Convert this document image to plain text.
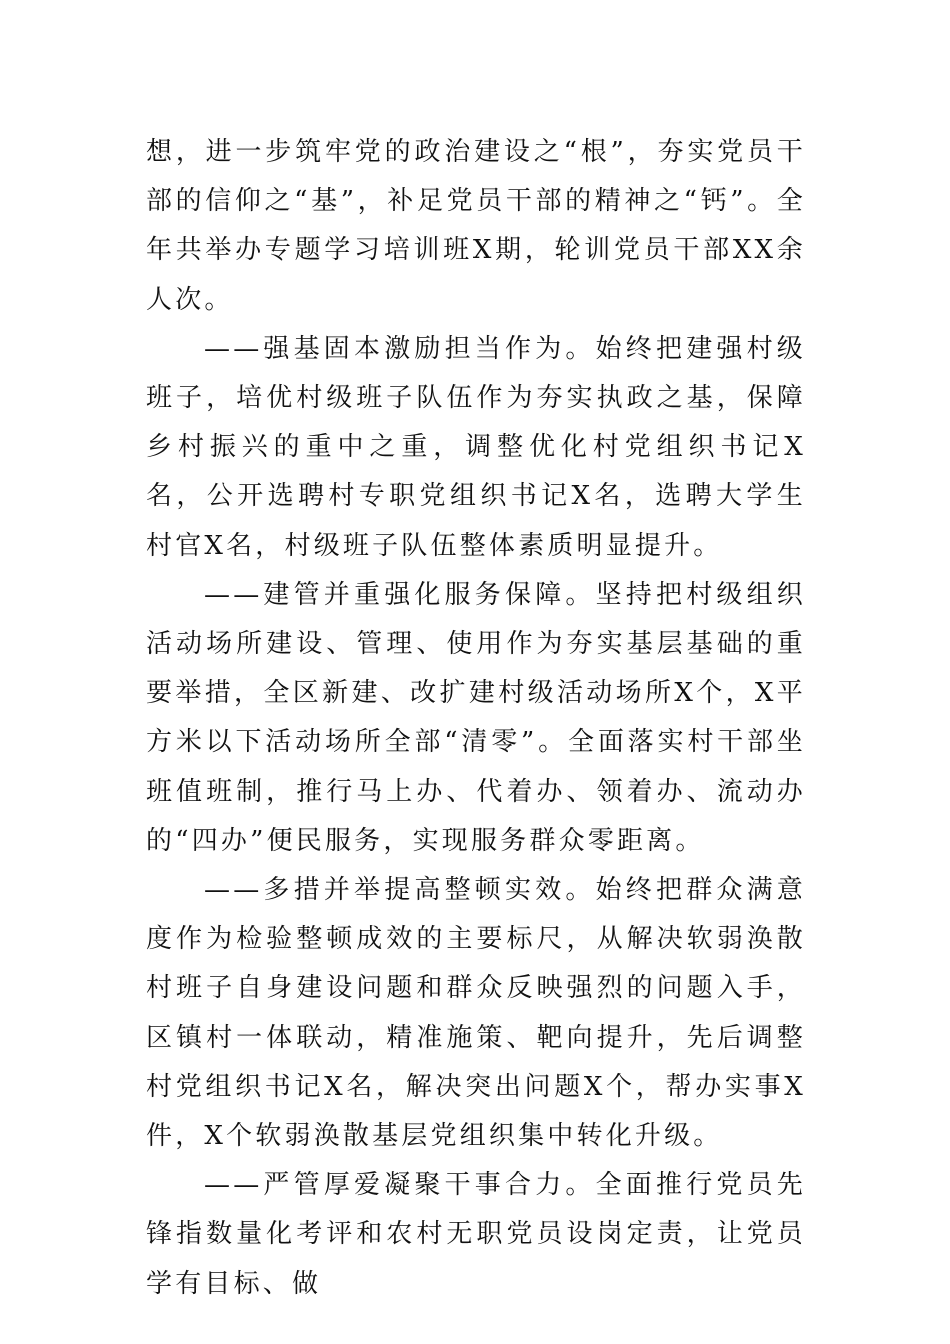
想，进一步筑牢党的政治建设之“根”，夯实党员干部的信仰之“基”，补足党员干部的精神之“钙”。全年共举办专题学习培训班X期，轮训党员干部XX余人次。

——强基固本激励担当作为。始终把建强村级班子，培优村级班子队伍作为夯实执政之基，保障乡村振兴的重中之重，调整优化村党组织书记X名，公开选聘村专职党组织书记X名，选聘大学生村官X名，村级班子队伍整体素质明显提升。

——建管并重强化服务保障。坚持把村级组织活动场所建设、管理、使用作为夯实基层基础的重要举措，全区新建、改扩建村级活动场所X个，X平方米以下活动场所全部“清零”。全面落实村干部坐班值班制，推行马上办、代着办、领着办、流动办的“四办”便民服务，实现服务群众零距离。

——多措并举提高整顿实效。始终把群众满意度作为检验整顿成效的主要标尺，从解决软弱涣散村班子自身建设问题和群众反映强烈的问题入手，区镇村一体联动，精准施策、靶向提升，先后调整村党组织书记X名，解决突出问题X个，帮办实事X件，X个软弱涣散基层党组织集中转化升级。

——严管厚爱凝聚干事合力。全面推行党员先锋指数量化考评和农村无职党员设岗定责，让党员学有目标、做
